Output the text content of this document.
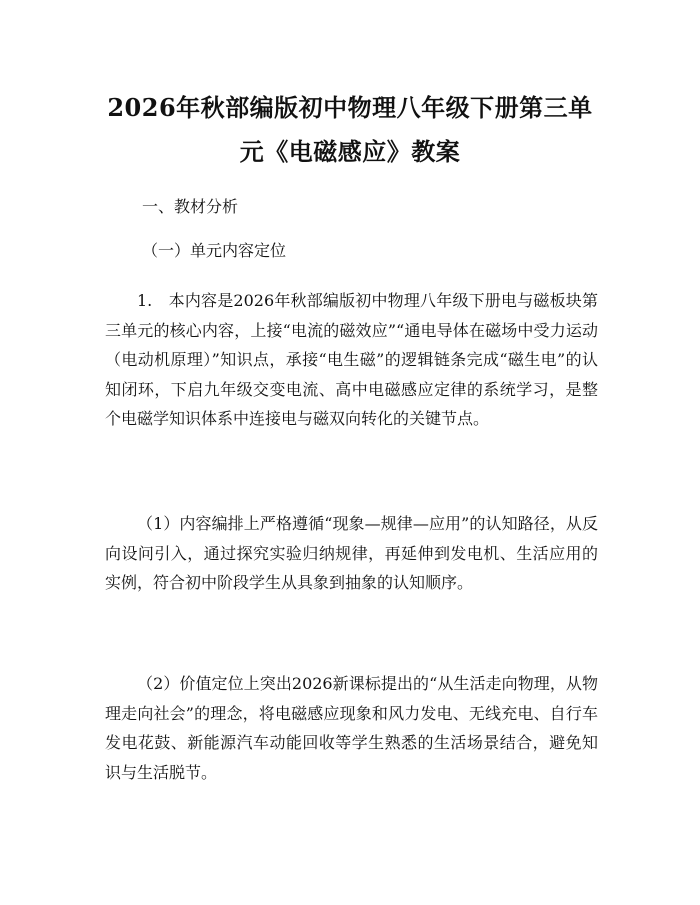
2026年秋部编版初中物理八年级下册第三单
元《电磁感应》教案

一、教材分析

（一）单元内容定位

1.　本内容是2026年秋部编版初中物理八年级下册电与磁板块第三单元的核心内容，上接“电流的磁效应”“通电导体在磁场中受力运动（电动机原理）”知识点，承接“电生磁”的逻辑链条完成“磁生电”的认知闭环，下启九年级交变电流、高中电磁感应定律的系统学习，是整个电磁学知识体系中连接电与磁双向转化的关键节点。

（1）内容编排上严格遵循“现象—规律—应用”的认知路径，从反向设问引入，通过探究实验归纳规律，再延伸到发电机、生活应用的实例，符合初中阶段学生从具象到抽象的认知顺序。

（2）价值定位上突出2026新课标提出的“从生活走向物理，从物理走向社会”的理念，将电磁感应现象和风力发电、无线充电、自行车发电花鼓、新能源汽车动能回收等学生熟悉的生活场景结合，避免知识与生活脱节。
